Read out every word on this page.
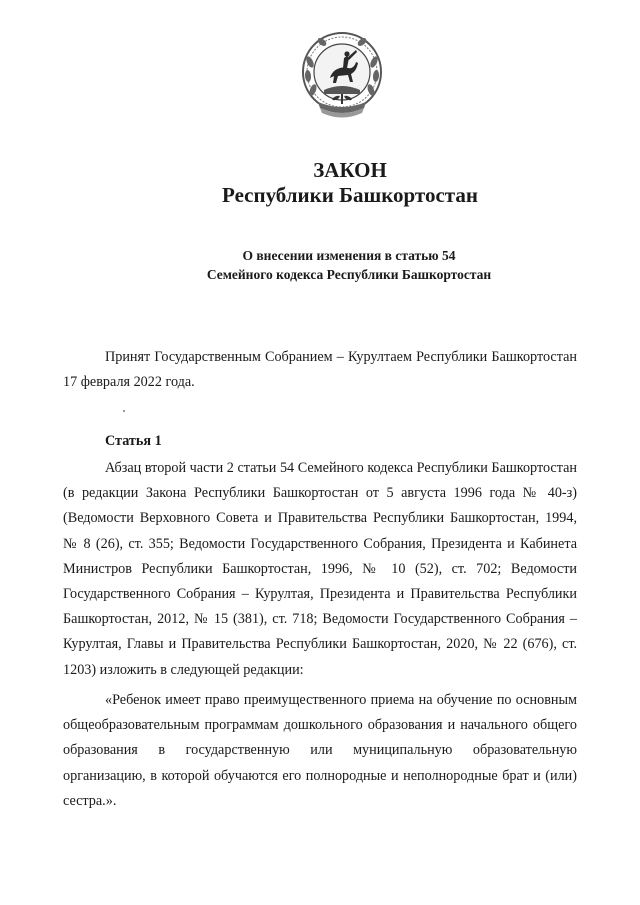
ЗАКОН
Республики Башкортостан
О внесении изменения в статью 54
Семейного кодекса Республики Башкортостан

Принят Государственным Собранием – Курултаем Республики Башкортостан 17 февраля 2022 года.

Статья 1

Абзац второй части 2 статьи 54 Семейного кодекса Республики Башкортостан (в редакции Закона Республики Башкортостан от 5 августа 1996 года № 40-з) (Ведомости Верховного Совета и Правительства Республики Башкортостан, 1994, № 8 (26), ст. 355; Ведомости Государственного Собрания, Президента и Кабинета Министров Республики Башкортостан, 1996, № 10 (52), ст. 702; Ведомости Государственного Собрания – Курултая, Президента и Правительства Республики Башкортостан, 2012, № 15 (381), ст. 718; Ведомости Государственного Собрания – Курултая, Главы и Правительства Республики Башкортостан, 2020, № 22 (676), ст. 1203) изложить в следующей редакции:

«Ребенок имеет право преимущественного приема на обучение по основным общеобразовательным программам дошкольного образования и начального общего образования в государственную или муниципальную образовательную организацию, в которой обучаются его полнородные и неполнородные брат и (или) сестра.».
